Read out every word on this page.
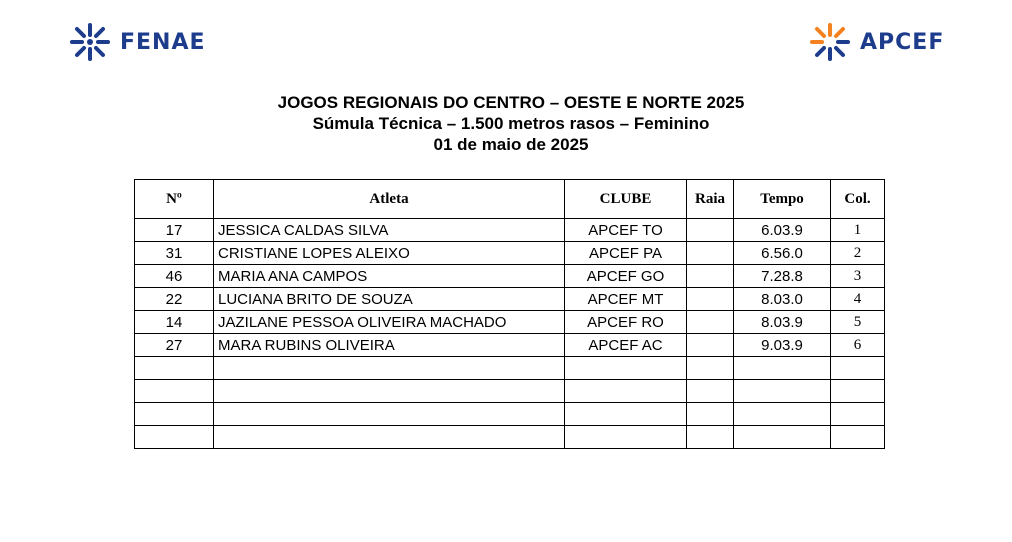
FENAE	APCEF
JOGOS REGIONAIS DO CENTRO – OESTE E NORTE 2025
Súmula Técnica – 1.500 metros rasos – Feminino
01 de maio de 2025
Nº	Atleta	CLUBE	Raia	Tempo	Col.
17	JESSICA CALDAS SILVA	APCEF TO		6.03.9	1
31	CRISTIANE LOPES ALEIXO	APCEF PA		6.56.0	2
46	MARIA ANA CAMPOS	APCEF GO		7.28.8	3
22	LUCIANA BRITO DE SOUZA	APCEF MT		8.03.0	4
14	JAZILANE PESSOA OLIVEIRA MACHADO	APCEF RO		8.03.9	5
27	MARA RUBINS OLIVEIRA	APCEF AC		9.03.9	6
